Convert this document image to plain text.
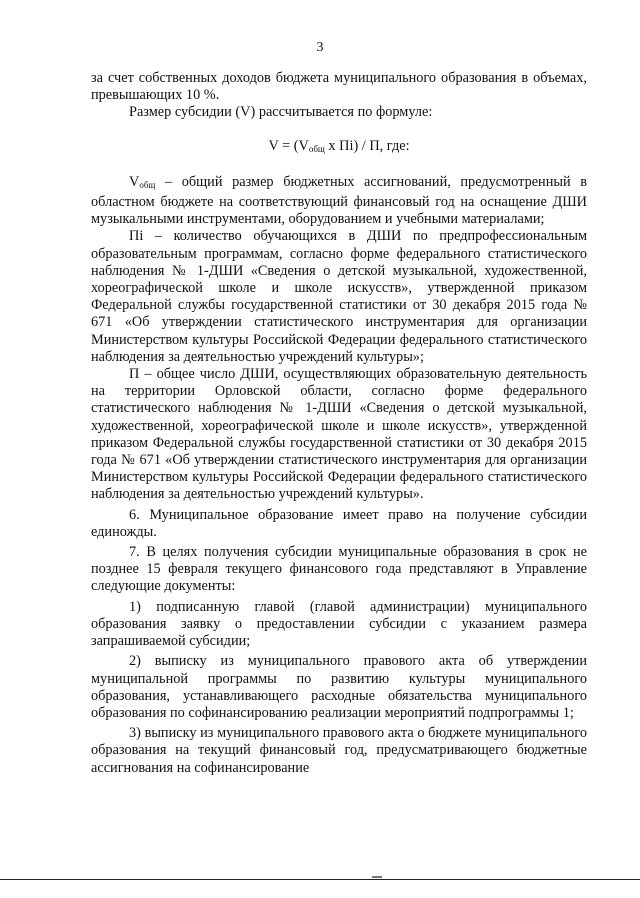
3

за счет собственных доходов бюджета муниципального образования в объемах, превышающих 10 %.

Размер субсидии (V) рассчитывается по формуле:

$V = (V_{общ}$ х Пi) / П, где:

$V_{общ}$ – общий размер бюджетных ассигнований, предусмотренный в областном бюджете на соответствующий финансовый год на оснащение ДШИ музыкальными инструментами, оборудованием и учебными материалами;

Пi – количество обучающихся в ДШИ по предпрофессиональным образовательным программам, согласно форме федерального статистического наблюдения № 1-ДШИ «Сведения о детской музыкальной, художественной, хореографической школе и школе искусств», утвержденной приказом Федеральной службы государственной статистики от 30 декабря 2015 года № 671 «Об утверждении статистического инструментария для организации Министерством культуры Российской Федерации федерального статистического наблюдения за деятельностью учреждений культуры»;

П – общее число ДШИ, осуществляющих образовательную деятельность на территории Орловской области, согласно форме федерального статистического наблюдения № 1-ДШИ «Сведения о детской музыкальной, художественной, хореографической школе и школе искусств», утвержденной приказом Федеральной службы государственной статистики от 30 декабря 2015 года № 671 «Об утверждении статистического инструментария для организации Министерством культуры Российской Федерации федерального статистического наблюдения за деятельностью учреждений культуры».

6. Муниципальное образование имеет право на получение субсидии единожды.

7. В целях получения субсидии муниципальные образования в срок не позднее 15 февраля текущего финансового года представляют в Управление следующие документы:

1) подписанную главой (главой администрации) муниципального образования заявку о предоставлении субсидии с указанием размера запрашиваемой субсидии;

2) выписку из муниципального правового акта об утверждении муниципальной программы по развитию культуры муниципального образования, устанавливающего расходные обязательства муниципального образования по софинансированию реализации мероприятий подпрограммы 1;

3) выписку из муниципального правового акта о бюджете муниципального образования на текущий финансовый год, предусматривающего бюджетные ассигнования на софинансирование
